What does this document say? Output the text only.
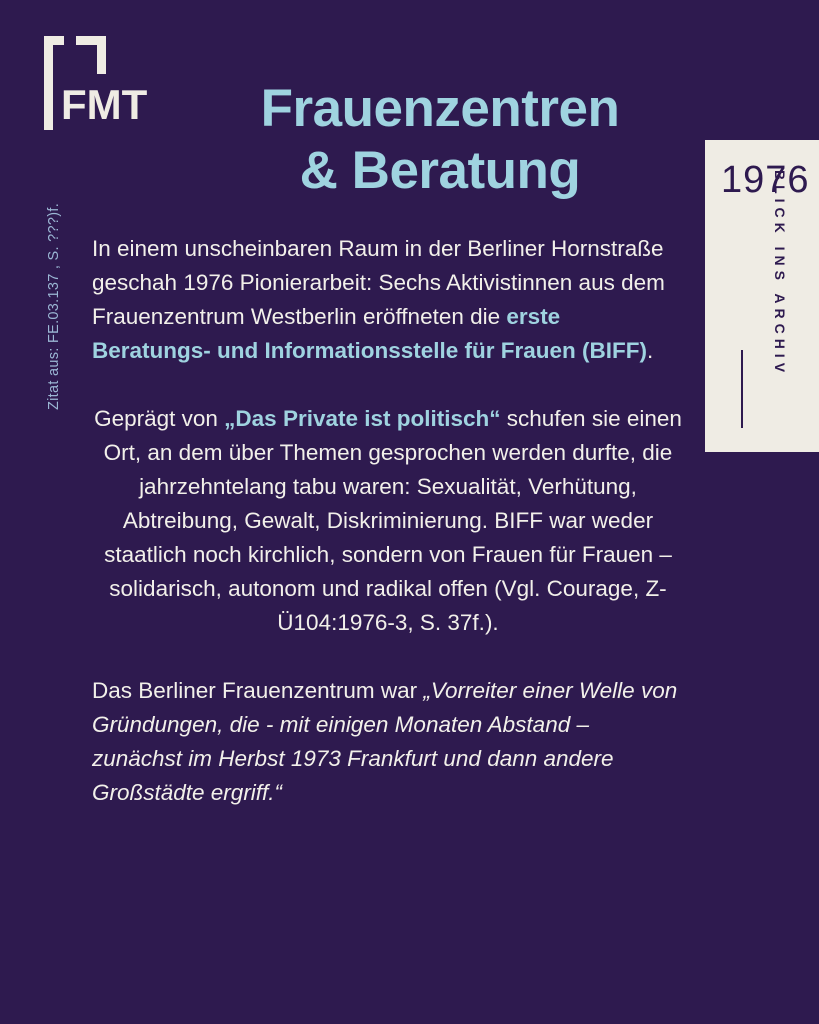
FMT
Zitat aus: FE.03.137 , S. ???)f.
Frauenzentren
& Beratung	1976
BLICK INS ARCHIV

In einem unscheinbaren Raum in der Berliner Hornstraße geschah 1976 Pionierarbeit: Sechs Aktivistinnen aus dem Frauenzentrum Westberlin eröffneten die erste Beratungs- und Informationsstelle für Frauen (BIFF).

Geprägt von „Das Private ist politisch“ schufen sie einen Ort, an dem über Themen gesprochen werden durfte, die jahrzehntelang tabu waren: Sexualität, Verhütung, Abtreibung, Gewalt, Diskriminierung. BIFF war weder staatlich noch kirchlich, sondern von Frauen für Frauen – solidarisch, autonom und radikal offen (Vgl. Courage, Z-Ü104:1976-3, S. 37f.).

Das Berliner Frauenzentrum war „Vorreiter einer Welle von Gründungen, die - mit einigen Monaten Abstand – zunächst im Herbst 1973 Frankfurt und dann andere Großstädte ergriff.“
